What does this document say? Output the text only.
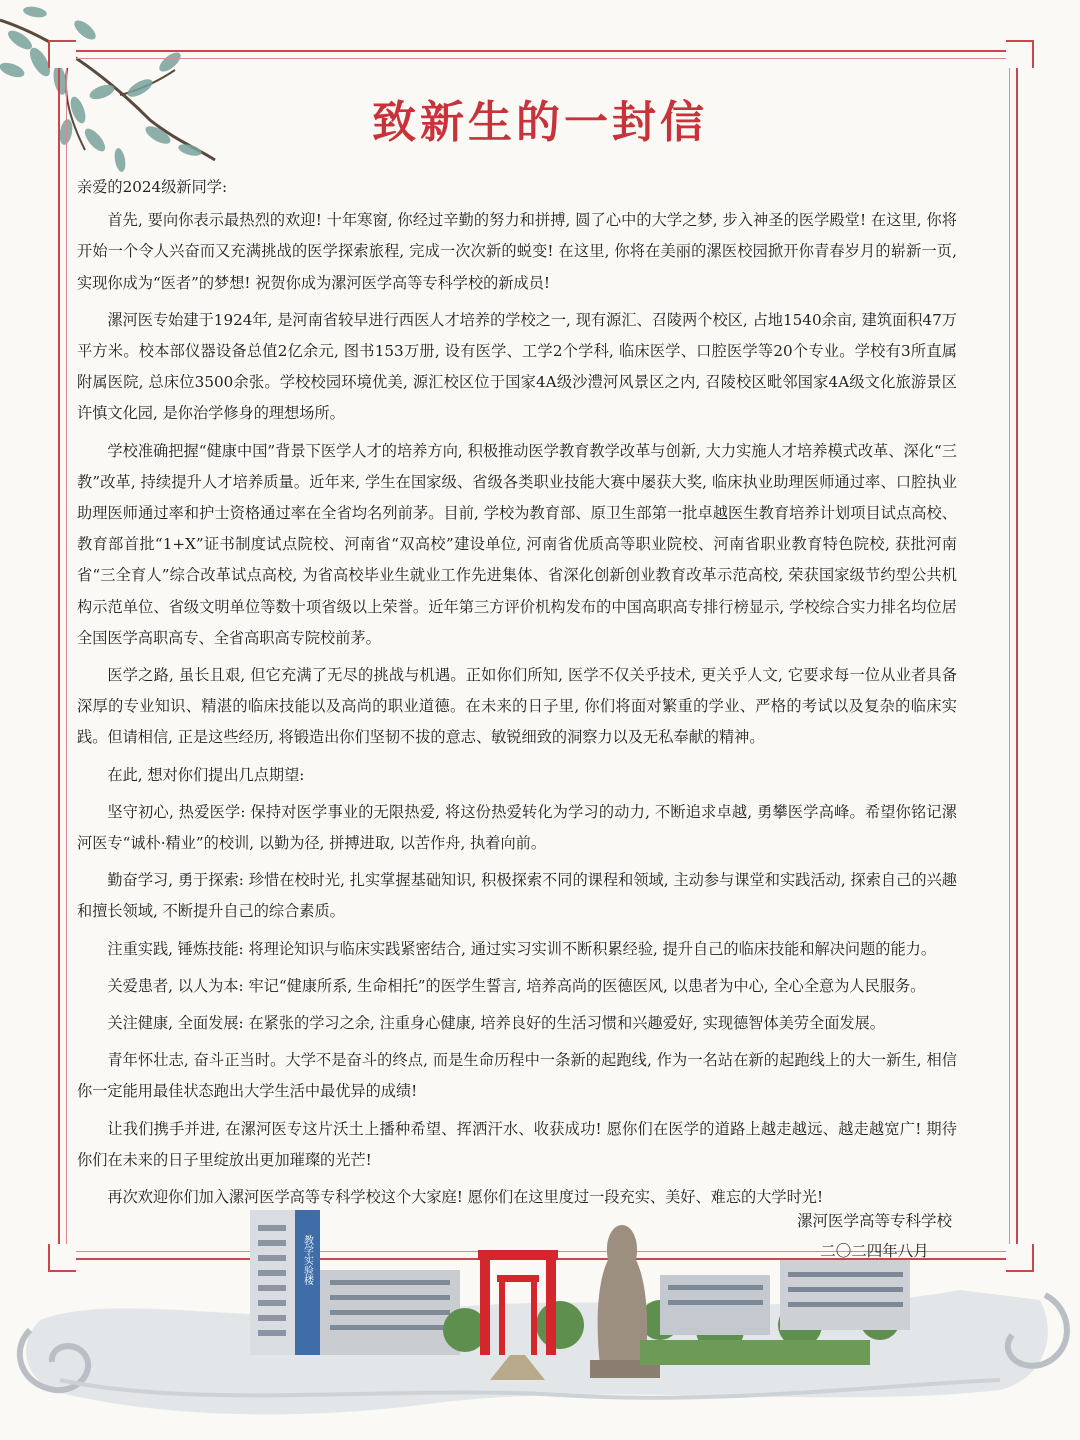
致新生的一封信

亲爱的2024级新同学:

首先, 要向你表示最热烈的欢迎! 十年寒窗, 你经过辛勤的努力和拼搏, 圆了心中的大学之梦, 步入神圣的医学殿堂! 在这里, 你将开始一个令人兴奋而又充满挑战的医学探索旅程, 完成一次次新的蜕变! 在这里, 你将在美丽的漯医校园掀开你青春岁月的崭新一页, 实现你成为“医者”的梦想! 祝贺你成为漯河医学高等专科学校的新成员!

漯河医专始建于1924年, 是河南省较早进行西医人才培养的学校之一, 现有源汇、召陵两个校区, 占地1540余亩, 建筑面积47万平方米。校本部仪器设备总值2亿余元, 图书153万册, 设有医学、工学2个学科, 临床医学、口腔医学等20个专业。学校有3所直属附属医院, 总床位3500余张。学校校园环境优美, 源汇校区位于国家4A级沙澧河风景区之内, 召陵校区毗邻国家4A级文化旅游景区许慎文化园, 是你治学修身的理想场所。

学校准确把握“健康中国”背景下医学人才的培养方向, 积极推动医学教育教学改革与创新, 大力实施人才培养模式改革、深化“三教”改革, 持续提升人才培养质量。近年来, 学生在国家级、省级各类职业技能大赛中屡获大奖, 临床执业助理医师通过率、口腔执业助理医师通过率和护士资格通过率在全省均名列前茅。目前, 学校为教育部、原卫生部第一批卓越医生教育培养计划项目试点高校、教育部首批“1+X”证书制度试点院校、河南省“双高校”建设单位, 河南省优质高等职业院校、河南省职业教育特色院校, 获批河南省“三全育人”综合改革试点高校, 为省高校毕业生就业工作先进集体、省深化创新创业教育改革示范高校, 荣获国家级节约型公共机构示范单位、省级文明单位等数十项省级以上荣誉。近年第三方评价机构发布的中国高职高专排行榜显示, 学校综合实力排名均位居全国医学高职高专、全省高职高专院校前茅。

医学之路, 虽长且艰, 但它充满了无尽的挑战与机遇。正如你们所知, 医学不仅关乎技术, 更关乎人文, 它要求每一位从业者具备深厚的专业知识、精湛的临床技能以及高尚的职业道德。在未来的日子里, 你们将面对繁重的学业、严格的考试以及复杂的临床实践。但请相信, 正是这些经历, 将锻造出你们坚韧不拔的意志、敏锐细致的洞察力以及无私奉献的精神。

在此, 想对你们提出几点期望:

坚守初心, 热爱医学: 保持对医学事业的无限热爱, 将这份热爱转化为学习的动力, 不断追求卓越, 勇攀医学高峰。希望你铭记漯河医专“诚朴·精业”的校训, 以勤为径, 拼搏进取, 以苦作舟, 执着向前。

勤奋学习, 勇于探索: 珍惜在校时光, 扎实掌握基础知识, 积极探索不同的课程和领域, 主动参与课堂和实践活动, 探索自己的兴趣和擅长领域, 不断提升自己的综合素质。

注重实践, 锤炼技能: 将理论知识与临床实践紧密结合, 通过实习实训不断积累经验, 提升自己的临床技能和解决问题的能力。

关爱患者, 以人为本: 牢记“健康所系, 生命相托”的医学生誓言, 培养高尚的医德医风, 以患者为中心, 全心全意为人民服务。

关注健康, 全面发展: 在紧张的学习之余, 注重身心健康, 培养良好的生活习惯和兴趣爱好, 实现德智体美劳全面发展。

青年怀壮志, 奋斗正当时。大学不是奋斗的终点, 而是生命历程中一条新的起跑线, 作为一名站在新的起跑线上的大一新生, 相信你一定能用最佳状态跑出大学生活中最优异的成绩!

让我们携手并进, 在漯河医专这片沃土上播种希望、挥洒汗水、收获成功! 愿你们在医学的道路上越走越远、越走越宽广! 期待你们在未来的日子里绽放出更加璀璨的光芒!

再次欢迎你们加入漯河医学高等专科学校这个大家庭! 愿你们在这里度过一段充实、美好、难忘的大学时光!

漯河医学高等专科学校
二〇二四年八月
教学实验楼
